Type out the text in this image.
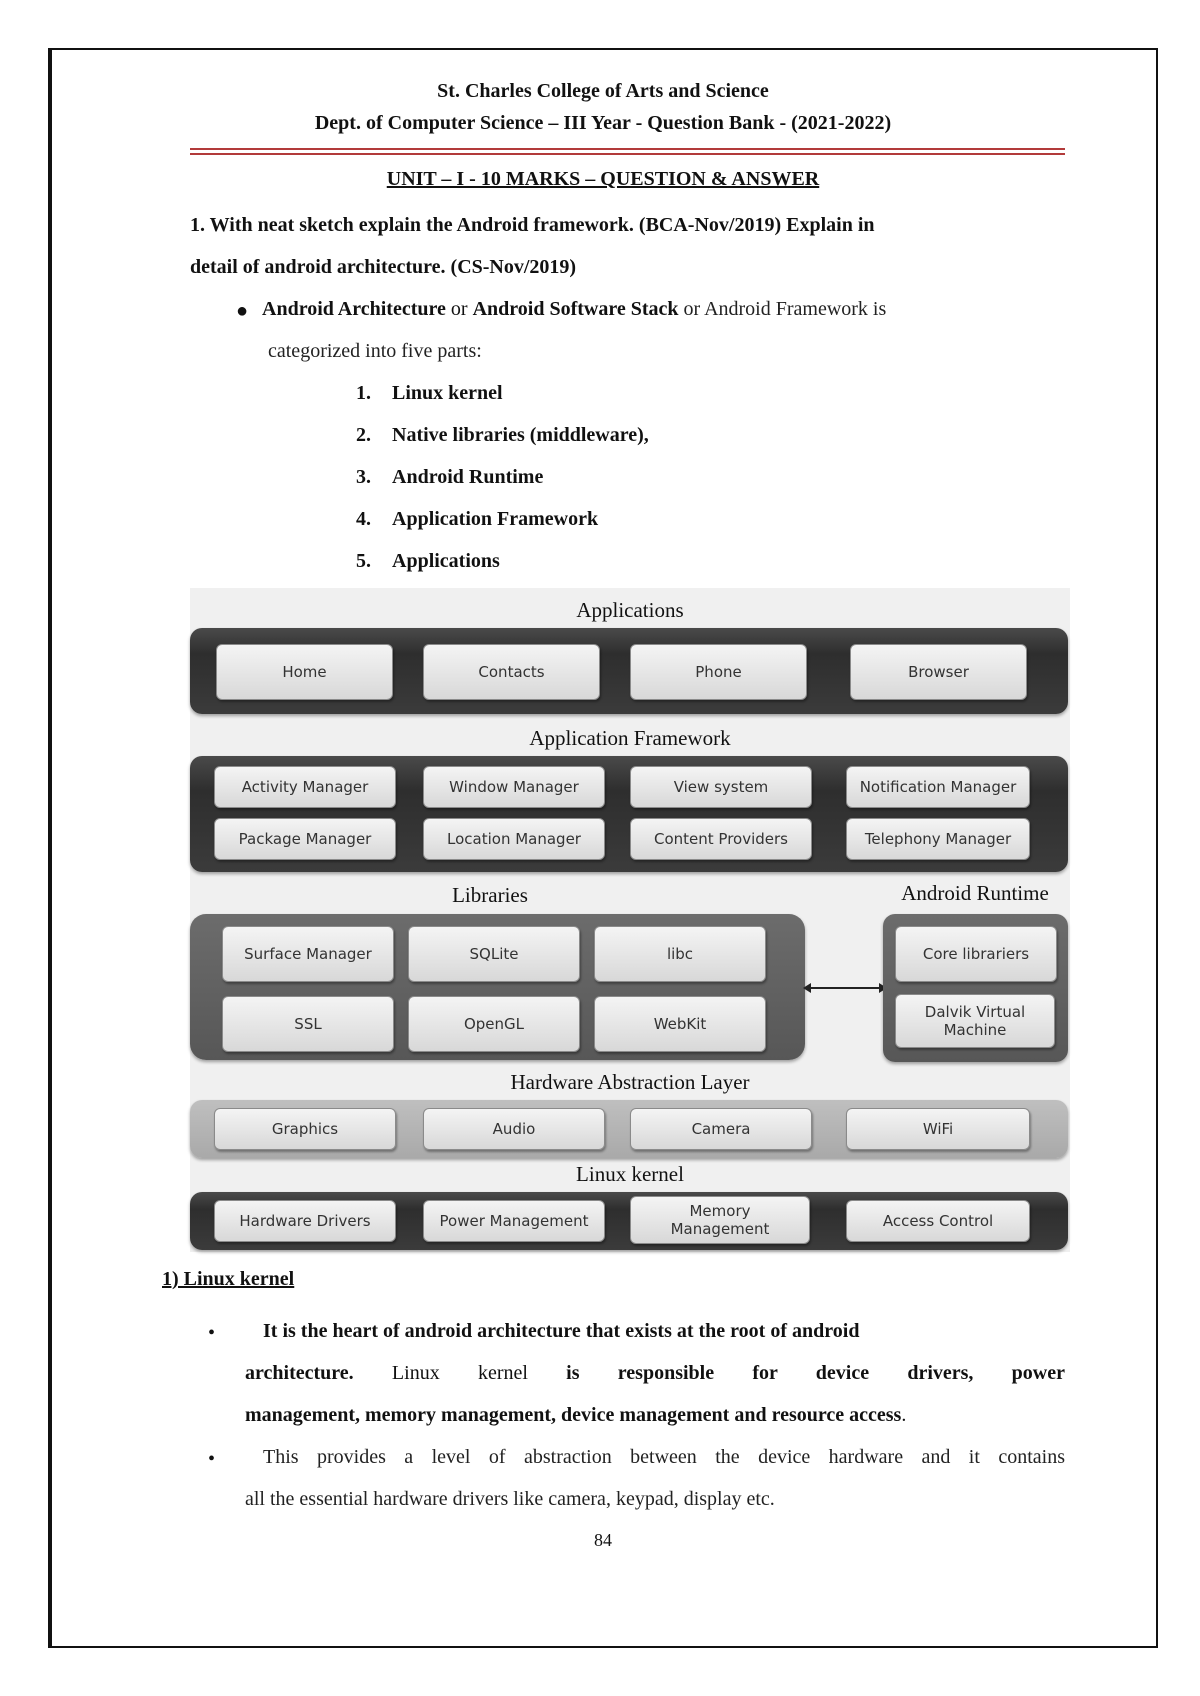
St. Charles College of Arts and Science
Dept. of Computer Science – III Year - Question Bank - (2021-2022)
UNIT – I - 10 MARKS – QUESTION & ANSWER
1. With neat sketch explain the Android framework. (BCA-Nov/2019) Explain in
detail of android architecture. (CS-Nov/2019)
● Android Architecture or Android Software Stack or Android Framework is
categorized into five parts:
1. Linux kernel
2. Native libraries (middleware),
3. Android Runtime
4. Application Framework
5. Applications
Applications
Home	Contacts	Phone	Browser
Application Framework
Activity Manager	Window Manager	View system	Notification Manager
Package Manager	Location Manager	Content Providers	Telephony Manager
Libraries	Android Runtime
Surface Manager	SQLite	libc
SSL	OpenGL	WebKit
Core librariers
Dalvik Virtual Machine
Hardware Abstraction Layer
Graphics	Audio	Camera	WiFi
Linux kernel
Hardware Drivers	Power Management
Memory Management	Access Control
1) Linux kernel
•	It is the heart of android architecture that exists at the root of android
architecture. Linux kernel is responsible for device drivers, power
management, memory management, device management and resource access.
•	This provides a level of abstraction between the device hardware and it contains
all the essential hardware drivers like camera, keypad, display etc.
84
